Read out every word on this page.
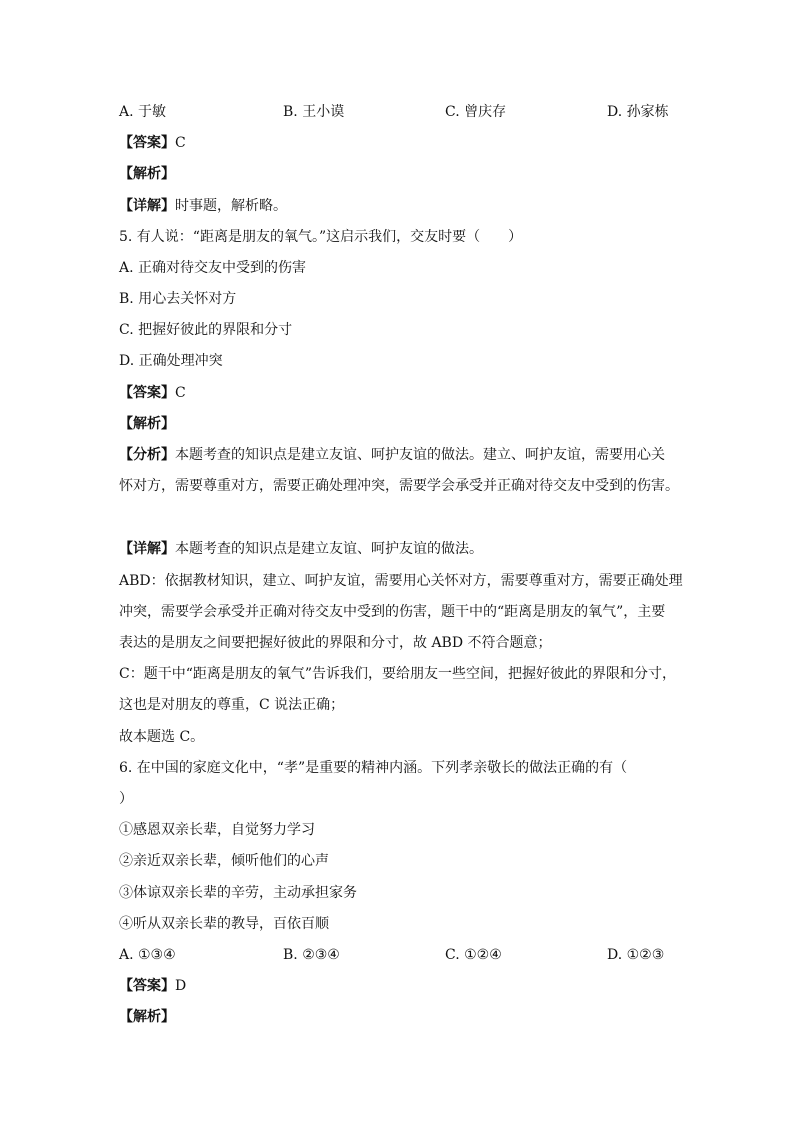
A. 于敏	B. 王小谟	C. 曾庆存	D. 孙家栋
【答案】C
【解析】
【详解】时事题，解析略。
5. 有人说：“距离是朋友的氧气。”这启示我们，交友时要（　　）
A. 正确对待交友中受到的伤害
B. 用心去关怀对方
C. 把握好彼此的界限和分寸
D. 正确处理冲突
【答案】C
【解析】
【分析】本题考查的知识点是建立友谊、呵护友谊的做法。建立、呵护友谊，需要用心关
怀对方，需要尊重对方，需要正确处理冲突，需要学会承受并正确对待交友中受到的伤害。
【详解】本题考查的知识点是建立友谊、呵护友谊的做法。
ABD：依据教材知识，建立、呵护友谊，需要用心关怀对方，需要尊重对方，需要正确处理
冲突，需要学会承受并正确对待交友中受到的伤害，题干中的“距离是朋友的氧气”，主要
表达的是朋友之间要把握好彼此的界限和分寸，故 ABD 不符合题意；
C：题干中“距离是朋友的氧气”告诉我们，要给朋友一些空间，把握好彼此的界限和分寸，
这也是对朋友的尊重，C 说法正确；
故本题选 C。
6. 在中国的家庭文化中，“孝”是重要的精神内涵。下列孝亲敬长的做法正确的有（
）
①感恩双亲长辈，自觉努力学习
②亲近双亲长辈，倾听他们的心声
③体谅双亲长辈的辛劳，主动承担家务
④听从双亲长辈的教导，百依百顺
A. ①③④	B. ②③④	C. ①②④	D. ①②③
【答案】D
【解析】
